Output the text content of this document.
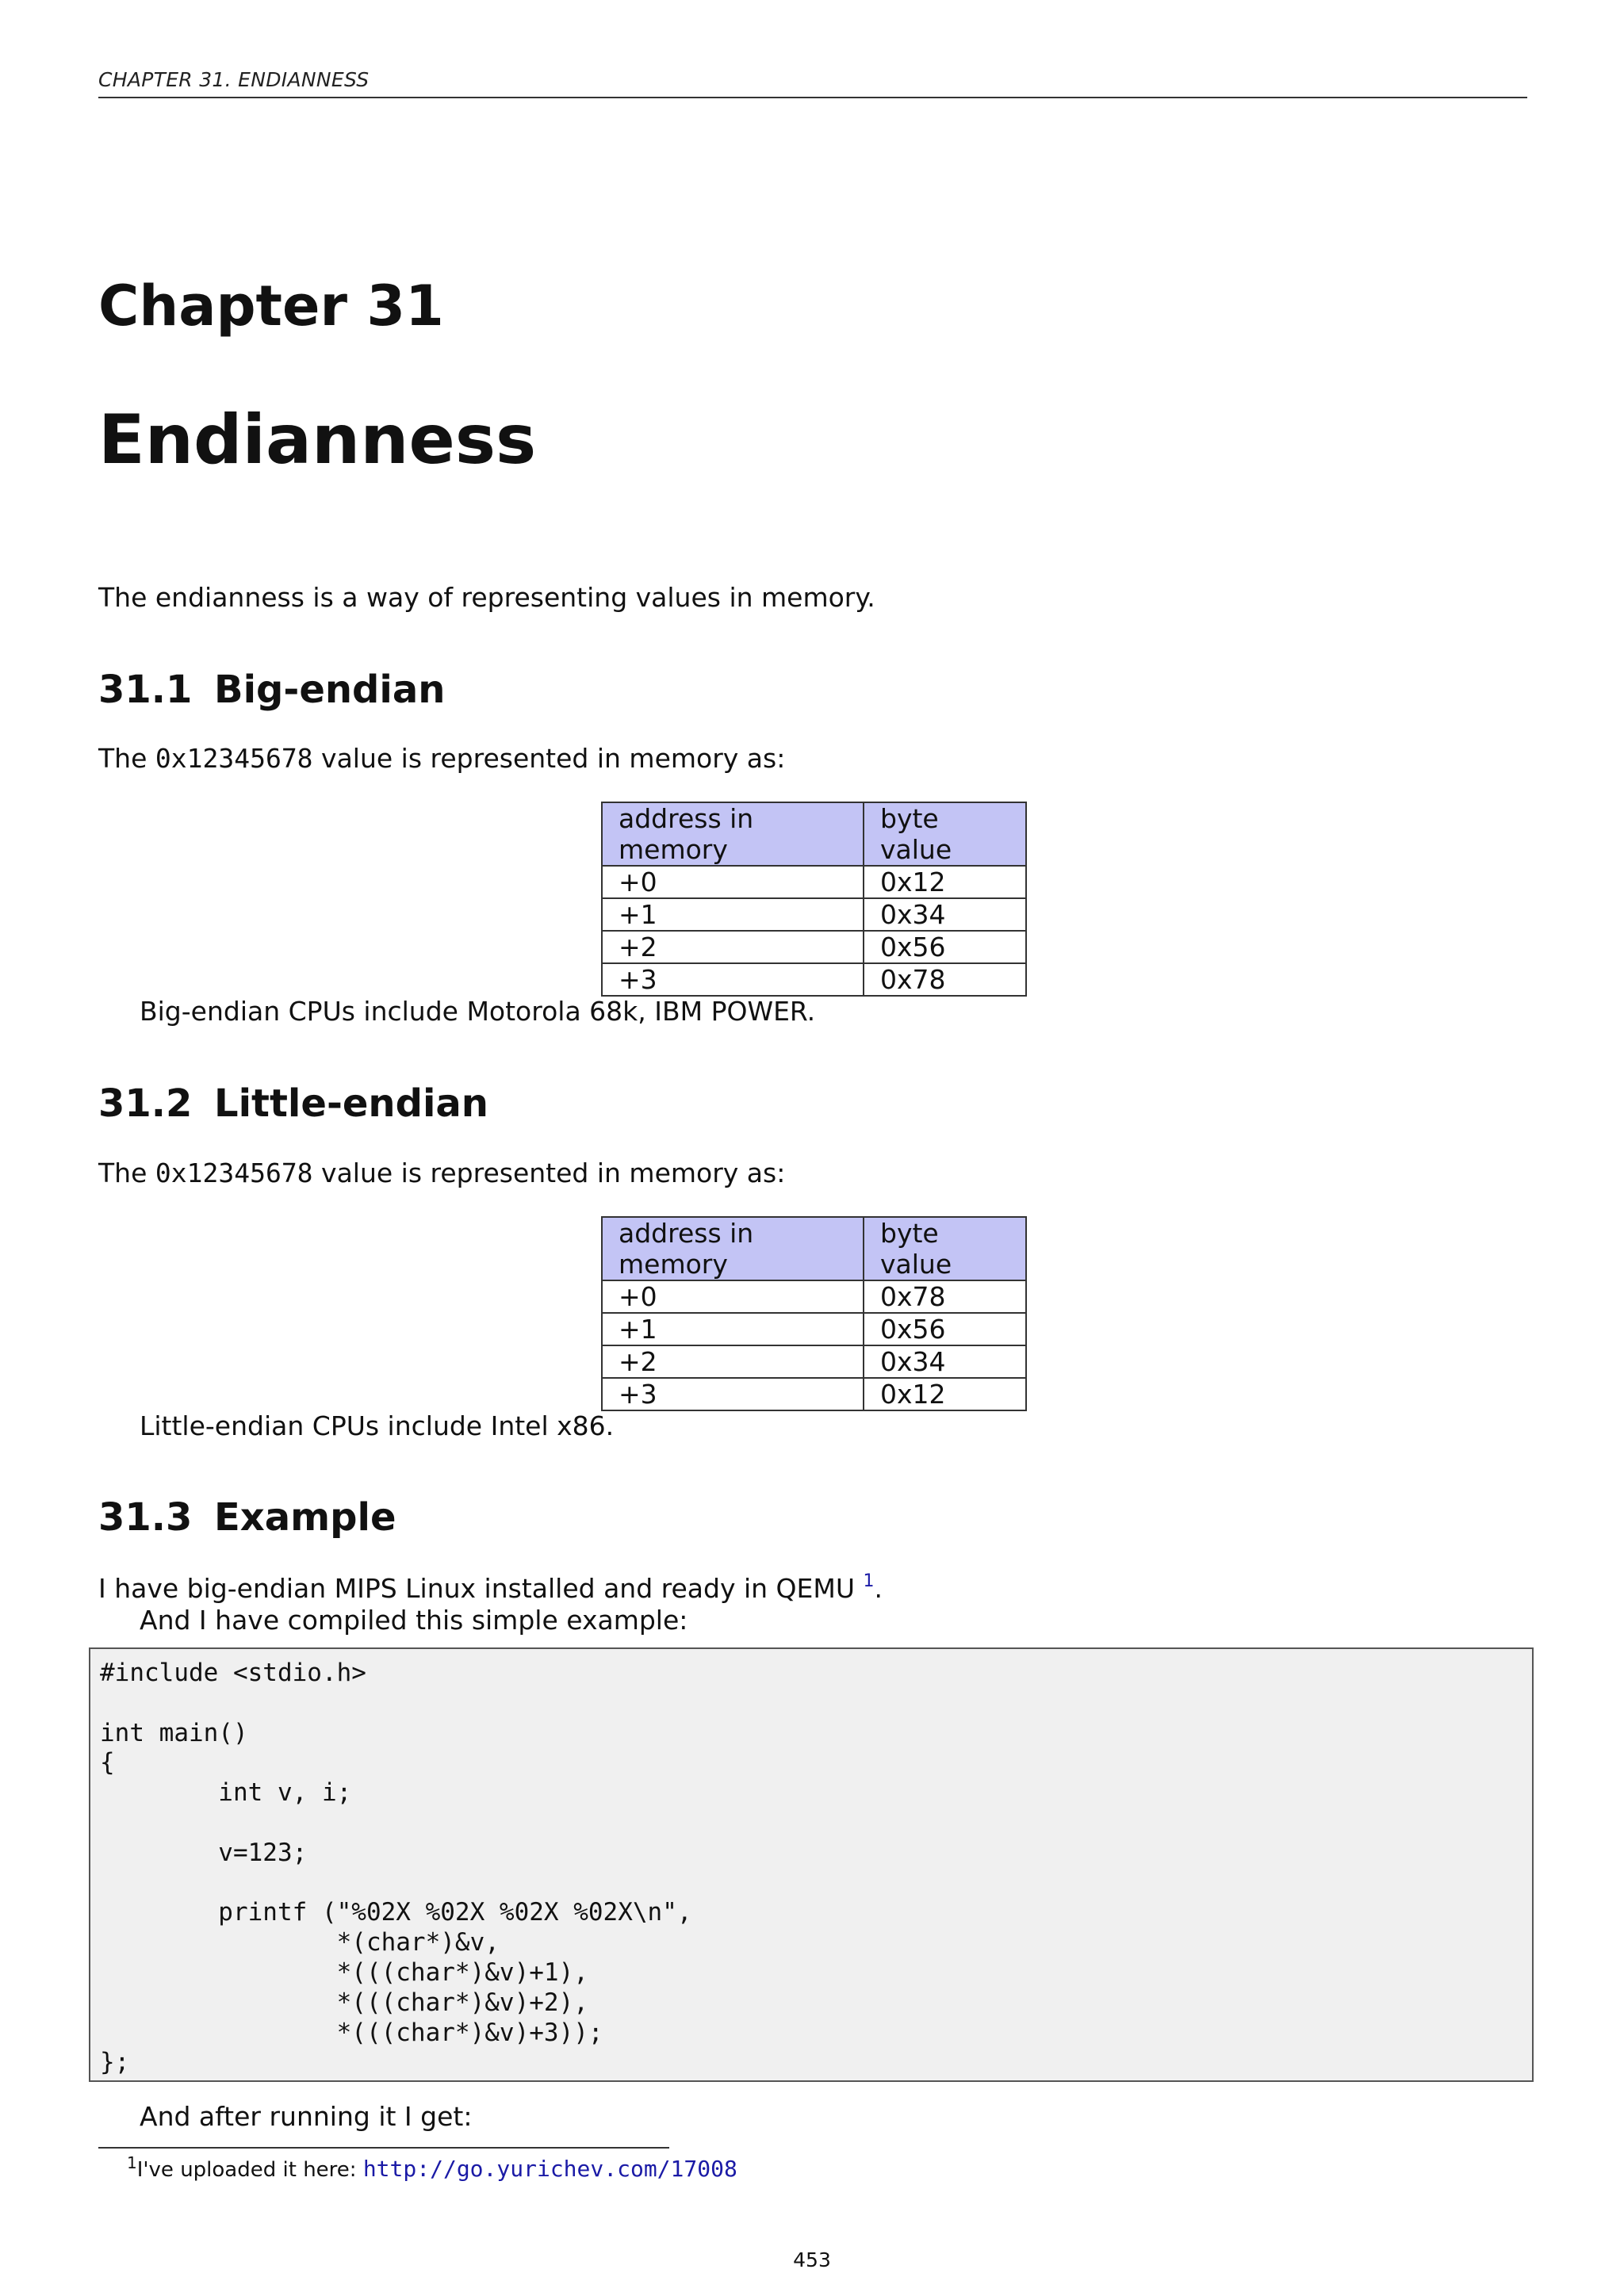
CHAPTER 31. ENDIANNESS
Chapter 31
Endianness
The endianness is a way of representing values in memory.
31.1 Big-endian
The 0x12345678 value is represented in memory as:
address in memory	byte value
+0	0x12
+1	0x34
+2	0x56
+3	0x78
Big-endian CPUs include Motorola 68k, IBM POWER.
31.2 Little-endian
The 0x12345678 value is represented in memory as:
address in memory	byte value
+0	0x78
+1	0x56
+2	0x34
+3	0x12
Little-endian CPUs include Intel x86.
31.3 Example
I have big-endian MIPS Linux installed and ready in QEMU $^1$.
And I have compiled this simple example:
#include <stdio.h>

int main()
{
int v, i;

v=123;

printf ("%02X %02X %02X %02X\n",
*(char*)&v,
*(((char*)&v)+1),
*(((char*)&v)+2),
*(((char*)&v)+3));
};
And after running it I get:
$^1$I've uploaded it here: http://go.yurichev.com/17008
453
